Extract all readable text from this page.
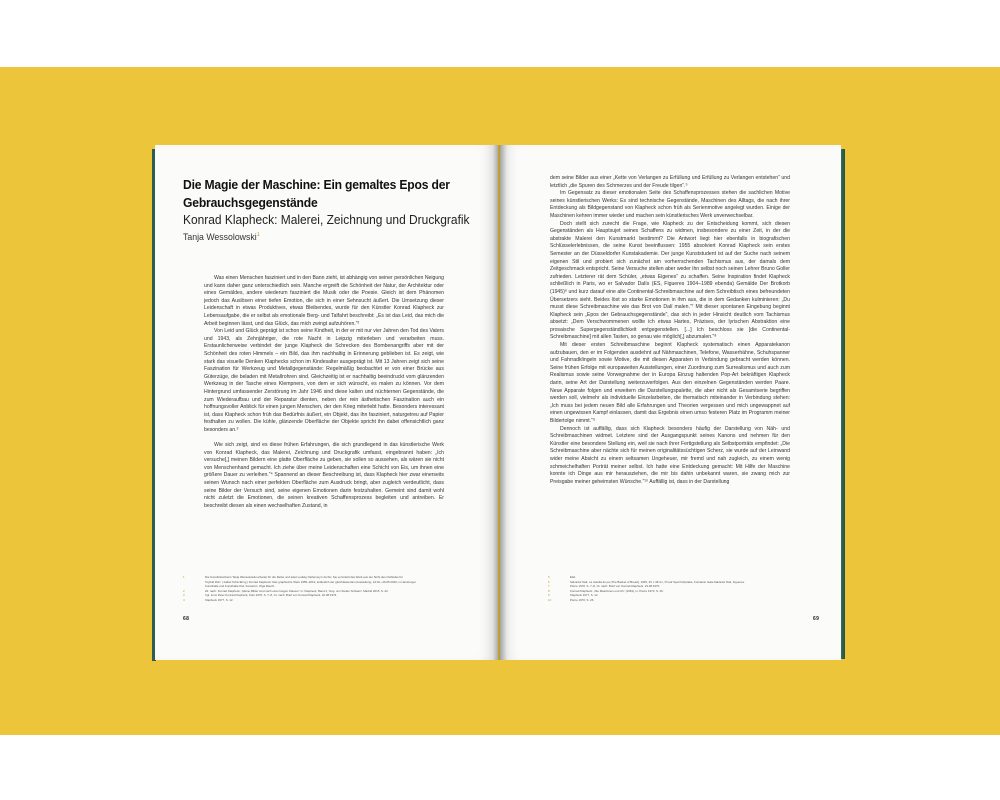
Die Magie der Maschine: Ein gemaltes Epos der Gebrauchsgegenstände
Konrad Klapheck: Malerei, Zeichnung und Druckgrafik
Tanja Wessolowski$^1$

Was einen Menschen fasziniert und in den Bann zieht, ist abhängig von seiner persönlichen Neigung und kann daher ganz unterschiedlich sein. Manche ergreift die Schönheit der Natur, der Architektur oder eines Gemäldes, andere wiederum fasziniert die Musik oder die Poesie. Gleich ist dem Phänomen jedoch das Auslösen einer tiefen Emotion, die sich in einer Sehnsucht äußert. Die Umsetzung dieser Leidenschaft in etwas Produktives, etwas Bleibendes, wurde für den Künstler Konrad Klapheck zur Lebensaufgabe, die er selbst als emotionale Berg- und Talfahrt beschreibt: „Es ist das Leid, das mich die Arbeit beginnen lässt, und das Glück, das mich zwingt aufzuhören.“²

Von Leid und Glück geprägt ist schon seine Kindheit, in der er mit nur vier Jahren den Tod des Vaters und 1943, als Zehnjähriger, die rote Nacht in Leipzig miterleben und verarbeiten muss. Erstaunlicherweise verbindet der junge Klapheck die Schrecken des Bombenangriffs aber mit der Schönheit des roten Himmels – ein Bild, das ihm nachhaltig in Erinnerung geblieben ist. Es zeigt, wie stark das visuelle Denken Klaphecks schon im Kindesalter ausgeprägt ist. Mit 13 Jahren zeigt sich seine Faszination für Werkzeug und Metallgegenstände: Regelmäßig beobachtet er von einer Brücke aus Güterzüge, die beladen mit Metallrohren sind. Gleichzeitig ist er nachhaltig beeindruckt vom glänzenden Werkzeug in der Tasche eines Klempners, von dem er sich wünscht, es malen zu können. Vor dem Hintergrund umfassender Zerstörung im Jahr 1946 sind diese kalten und nüchternen Gegenstände, die zum Wiederaufbau und der Reparatur dienten, neben der rein ästhetischen Faszination auch ein hoffnungsvoller Anblick für einen jungen Menschen, der den Krieg miterlebt hatte. Besonders interessant ist, dass Klapheck schon früh das Bedürfnis äußert, ein Objekt, das ihn fasziniert, naturgetreu auf Papier festhalten zu wollen. Die kühle, glänzende Oberfläche der Objekte spricht ihn dabei offensichtlich ganz besonders an.³

Wie sich zeigt, sind es diese frühen Erfahrungen, die sich grundlegend in das künstlerische Werk von Konrad Klapheck, das Malerei, Zeichnung und Druckgrafik umfasst, eingebrannt haben: „Ich versuche[,] meinen Bildern eine glatte Oberfläche zu geben, sie sollen so aussehen, als wären sie nicht von Menschenhand gemacht. Ich ziehe über meine Leidenschaften eine Schicht von Eis, um ihnen eine größere Dauer zu verleihen.“⁴ Spannend an dieser Beschreibung ist, dass Klapheck hier zwar einerseits seinen Wunsch nach einer perfekten Oberfläche zum Ausdruck bringt, aber zugleich verdeutlicht, dass seine Bilder der Versuch sind, seine eigenen Emotionen darin festzuhalten. Gemeint sind damit wohl nicht zuletzt die Emotionen, die seinen kreativen Schaffensprozess begleiten und antreiben. Er beschreibt diesen als einen wechselhaften Zustand, in

1	Die Kunsthistorikerin Tanja Wessolowski arbeitet für die Reihe und leitet Ludwig Ostfenney's Archiv. Sie vermittelt das Werk aus der Sicht des Ostfeldes für
Toyfeld Dürr. | Isabel Tobis Ehng | Konrad Klapheck: Das graphische Werk 1955–2019, anlässlich der gleichlautenden Ausstellung, 24.02.–29.05.2020, in Hamburger
Kunsthalle und Kunsthalle Kiel, Kuratorin: Olga Rauch.
2	Zit. nach: Konrad Klapheck: „Meine Bilder sind nach einer langen Klausur“ in: Klapheck, Band 2, hrsg. von Stefan Schwarz, Madrid 2015, S. 22.
3	Vgl. Jens Peter Konrad Klapheck, Köln 1976, S. 7–8, zit. nach: Brief von Konrad Klapheck, 22.08.1976.
4	Klapheck 1977, S. 12.
68

dem seine Bilder aus einer „Kette von Verlangen zu Erfüllung und Erfüllung zu Verlangen entstehen“ und letztlich „die Spuren des Schmerzes und der Freude tilgen“.⁵

Im Gegensatz zu dieser emotionalen Seite des Schaffensprozesses stehen die sachlichen Motive seines künstlerischen Werks: Es sind technische Gegenstände, Maschinen des Alltags, die nach ihrer Entdeckung als Bildgegenstand von Klapheck schon früh als Serienmotive angelegt wurden. Einige der Maschinen kehren immer wieder und machen sein künstlerisches Werk unverwechselbar.

Doch stellt sich zurecht die Frage, wie Klapheck zu der Entscheidung kommt, sich diesen Gegenständen als Hauptsujet seines Schaffens zu widmen, insbesondere zu einer Zeit, in der die abstrakte Malerei den Kunstmarkt bestimmt? Die Antwort liegt hier ebenfalls in biografischen Schlüsselerlebnissen, die seine Kunst beeinflussen: 1955 absolviert Konrad Klapheck sein erstes Semester an der Düsseldorfer Kunstakademie. Der junge Kunststudent ist auf der Suche nach seinem eigenen Stil und probiert sich zunächst am vorherrschenden Tachismus aus, der damals dem Zeitgeschmack entspricht. Seine Versuche stellen aber weder ihn selbst noch seinen Lehrer Bruno Goller zufrieden. Letzterer rät dem Schüler, „etwas Eigenes“ zu schaffen. Seine Inspiration findet Klapheck schließlich in Paris, wo er Salvador Dalís (ES, Figueres 1904–1989 ebenda) Gemälde Der Brotkorb (1945)⁶ und kurz darauf eine alte Continental-Schreibmaschine auf dem Schreibtisch eines befreundeten Übersetzers sieht. Beides löst so starke Emotionen in ihm aus, die in dem Gedanken kulminieren: „Du musst diese Schreibmaschine wie das Brot von Dalí malen.“⁷ Mit dieser spontanen Eingebung beginnt Klapheck sein „Epos der Gebrauchsgegenstände“, das sich in jeder Hinsicht deutlich vom Tachismus absetzt: „Dem Verschwommenen wollte ich etwas Hartes, Präzises, der lyrischen Abstraktion eine prosaische Supergegenständlichkeit entgegenstellen. [...] Ich beschloss sie [die Continental-Schreibmaschine] mit allen Tasten, so genau wie möglich[,] abzumalen.“⁸

Mit dieser ersten Schreibmaschine beginnt Klapheck systematisch einen Apparatekanon aufzubauen, den er im Folgenden ausdehnt auf Nähmaschinen, Telefone, Wasserhähne, Schuhspanner und Fahrradklingeln sowie Motive, die mit diesen Apparaten in Verbindung gebracht werden können. Seine frühen Erfolge mit europaweiten Ausstellungen, einer Zuordnung zum Surrealismus und auch zum Realismus sowie seine Vorwegnahme der in Europa Einzug haltenden Pop-Art bekräftigen Klapheck darin, seine Art der Darstellung weiterzuverfolgen. Aus den einzelnen Gegenständen werden Paare. Neue Apparate folgen und erweitern die Darstellungspalette, die aber nicht als Gesamtserie begriffen werden soll, vielmehr als individuelle Einzelarbeiten, die thematisch miteinander in Verbindung stehen: „Ich muss bei jedem neuen Bild alle Erfahrungen und Theorien vergessen und mich ungewappnet auf einen ungewissen Kampf einlassen, damit das Ergebnis einen umso festeren Platz im Programm meiner Bildertolge nimmt.“⁹

Dennoch ist auffällig, dass sich Klapheck besonders häufig der Darstellung von Näh- und Schreibmaschinen widmet. Letztere sind der Ausgangspunkt seines Kanons und nehmen für den Künstler eine besondere Stellung ein, weil sie nach ihrer Fertigstellung als Selbstporträts empfindet: „Die Schreibmaschine aber nächte sich für meinen originalitätssüchtigen Scherz, sie wurde auf der Leinwand wider meine Absicht zu einem seltsamen Ungeheuer, mir fremd und nah zugleich, zu einem wenig schmeichelhaften Porträt meiner selbst. Ich hatte eine Entdeckung gemacht: Mit Hilfe der Maschine konnte ich Dinge aus mir herausziehen, die mir bis dahin unbekannt waren, sie zwang mich zur Preisgabe meiner geheimsten Wünsche.“¹⁰ Auffällig ist, dass in der Darstellung

5	Ebd.
6	Salvador Dalí, La cistella de pa (The Basket of Bread), 1945, 33 × 38 cm, Öl auf Sperrholzplatte, Fundació Gala-Salvador Dalí, Figueres.
7	Pierre 1970, S. 7–8, zit. nach: Brief von Konrad Klapheck, 23.08.1970.
8	Konrad Klapheck: „Die Maschinen und ich“ (1963), in: Pierre 1970, S. 26.
9	Klapheck 1977, S. 12.
10	Pierre 1970, S. 26.
69
